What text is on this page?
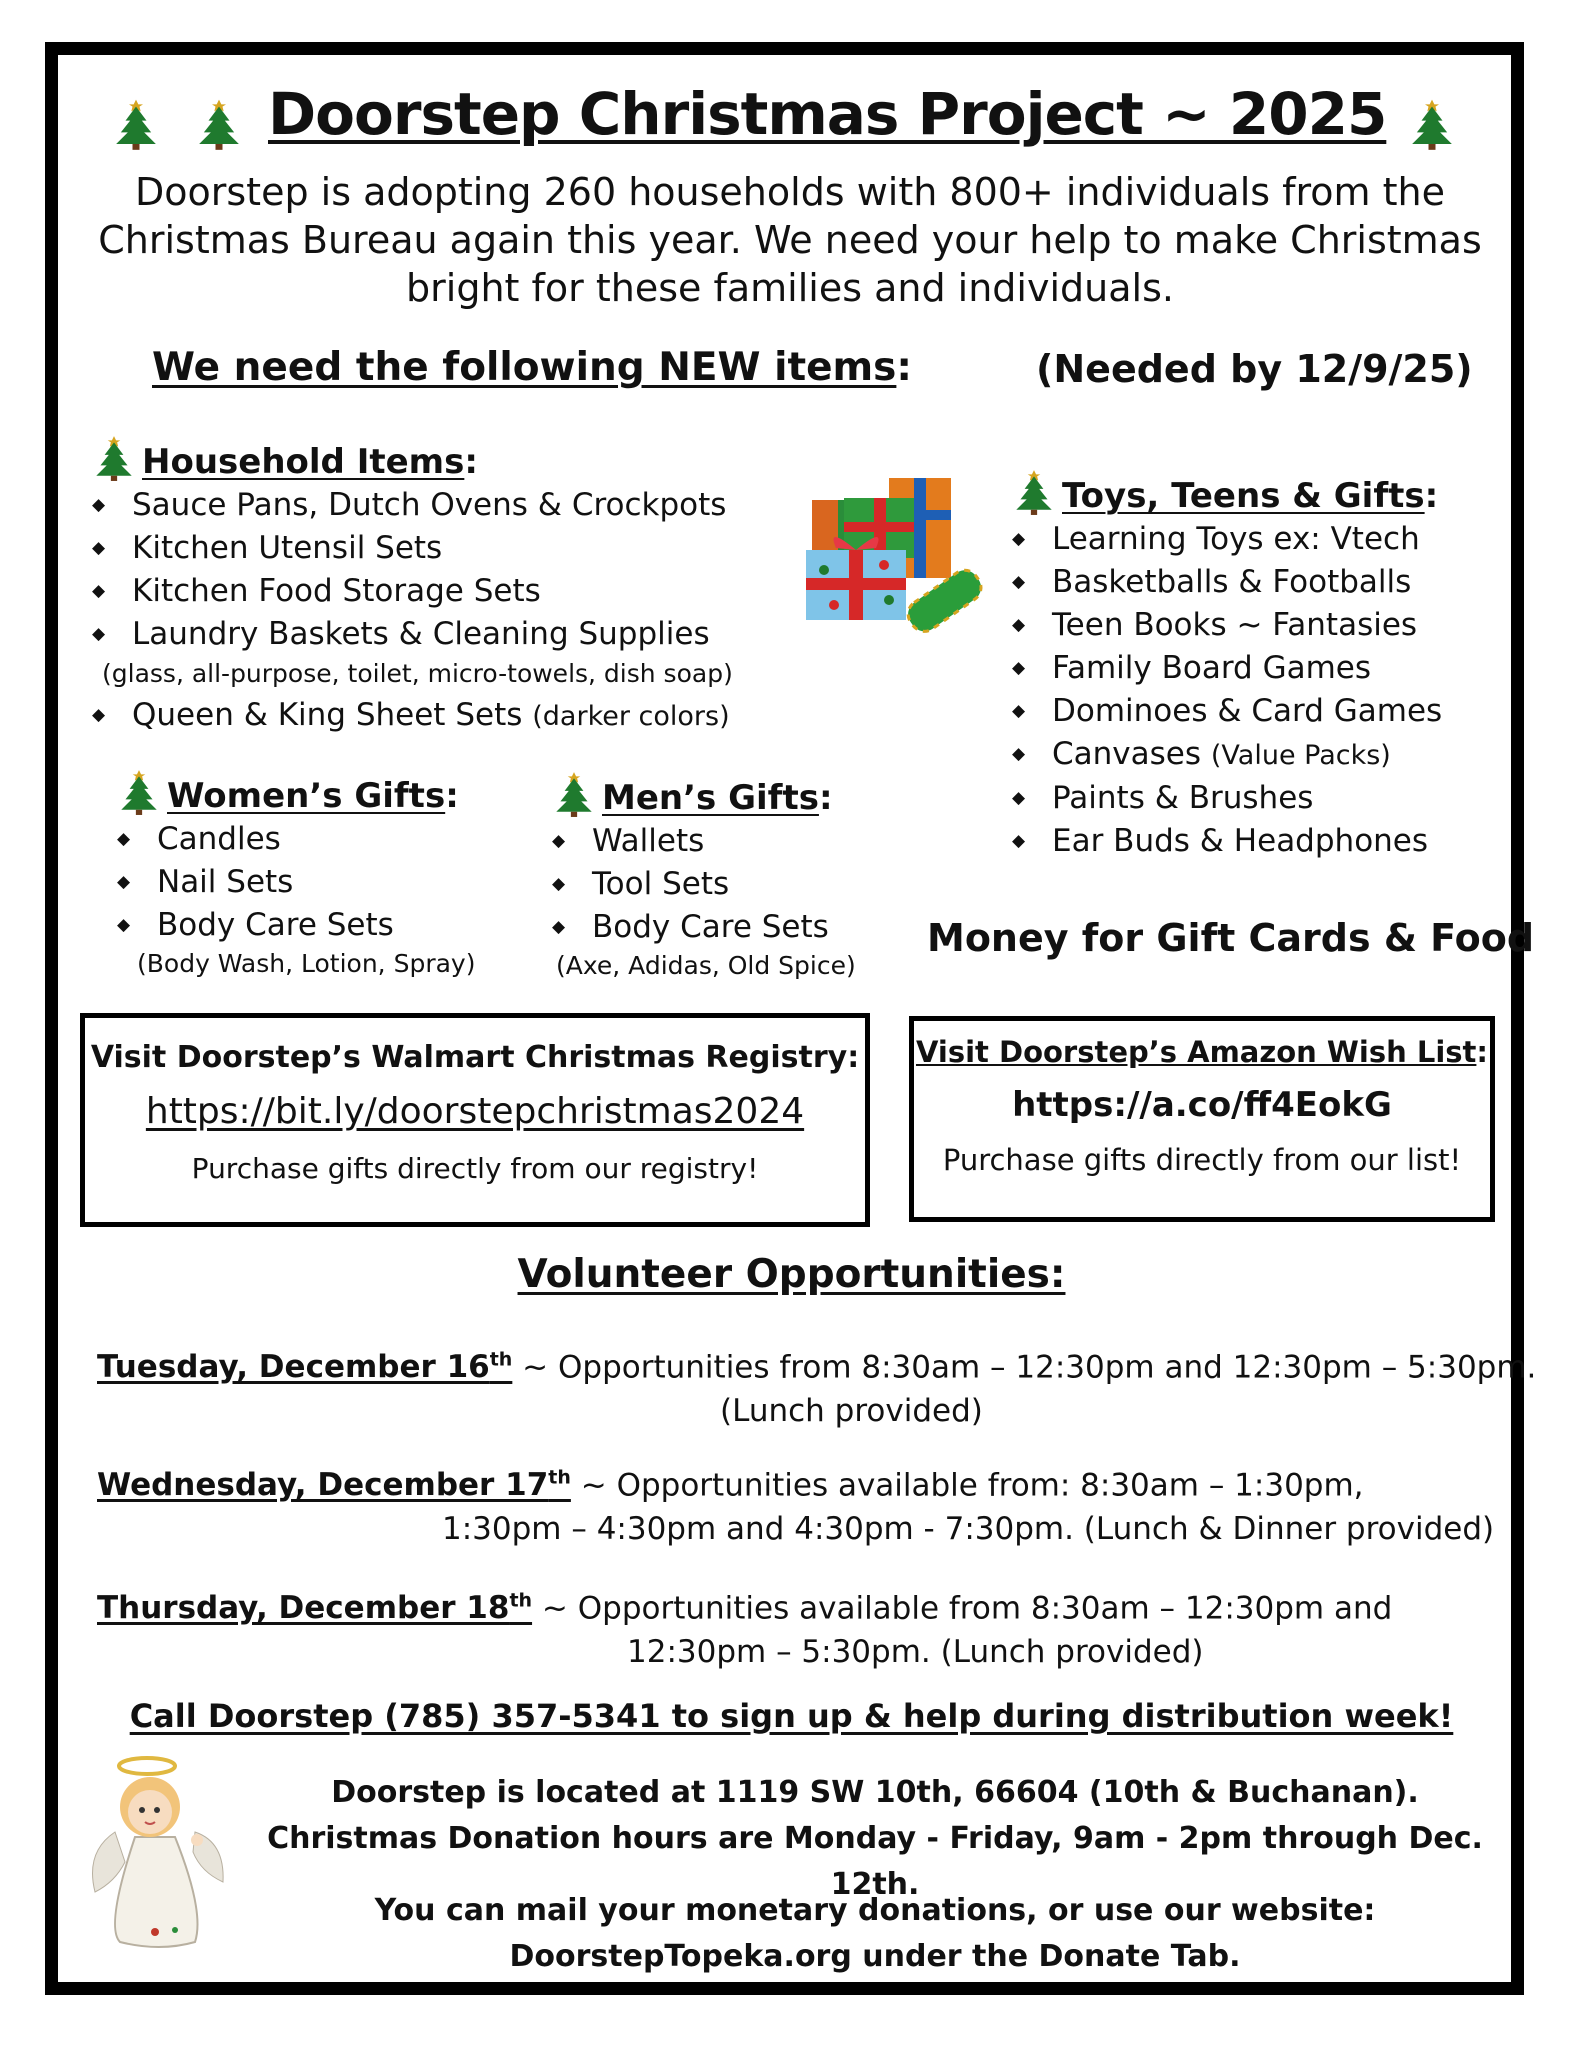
Doorstep Christmas Project ~ 2025
Doorstep is adopting 260 households with 800+ individuals from the
Christmas Bureau again this year. We need your help to make Christmas
bright for these families and individuals.
We need the following NEW items:	(Needed by 12/9/25)
Household Items :
◆ Sauce Pans, Dutch Ovens & Crockpots
◆ Kitchen Utensil Sets
◆ Kitchen Food Storage Sets
◆ Laundry Baskets & Cleaning Supplies
(glass, all-purpose, toilet, micro-towels, dish soap)
◆ Queen & King Sheet Sets (darker colors)
Toys, Teens & Gifts :
◆ Learning Toys ex: Vtech
◆ Basketballs & Footballs
◆ Teen Books ~ Fantasies
◆ Family Board Games
◆ Dominoes & Card Games
◆ Canvases (Value Packs)
◆ Paints & Brushes
◆ Ear Buds & Headphones
Women’s Gifts :
◆ Candles
◆ Nail Sets
◆ Body Care Sets
(Body Wash, Lotion, Spray)
Men’s Gifts :
◆ Wallets
◆ Tool Sets
◆ Body Care Sets
(Axe, Adidas, Old Spice)
Money for Gift Cards & Food
Visit Doorstep’s Walmart Christmas Registry:
https://bit.ly/doorstepchristmas2024
Purchase gifts directly from our registry!
Visit Doorstep’s Amazon Wish List:
https://a.co/ff4EokG
Purchase gifts directly from our list!
Volunteer Opportunities:
Tuesday, December 16th ~ Opportunities from 8:30am – 12:30pm and 12:30pm – 5:30pm.
(Lunch provided)
Wednesday, December 17th ~ Opportunities available from: 8:30am – 1:30pm,
1:30pm – 4:30pm and 4:30pm - 7:30pm. (Lunch & Dinner provided)
Thursday, December 18th ~ Opportunities available from 8:30am – 12:30pm and
12:30pm – 5:30pm. (Lunch provided)
Call Doorstep (785) 357-5341 to sign up & help during distribution week!
Doorstep is located at 1119 SW 10th, 66604 (10th & Buchanan).
Christmas Donation hours are Monday - Friday, 9am - 2pm through Dec. 12th.
You can mail your monetary donations, or use our website:
DoorstepTopeka.org under the Donate Tab.
